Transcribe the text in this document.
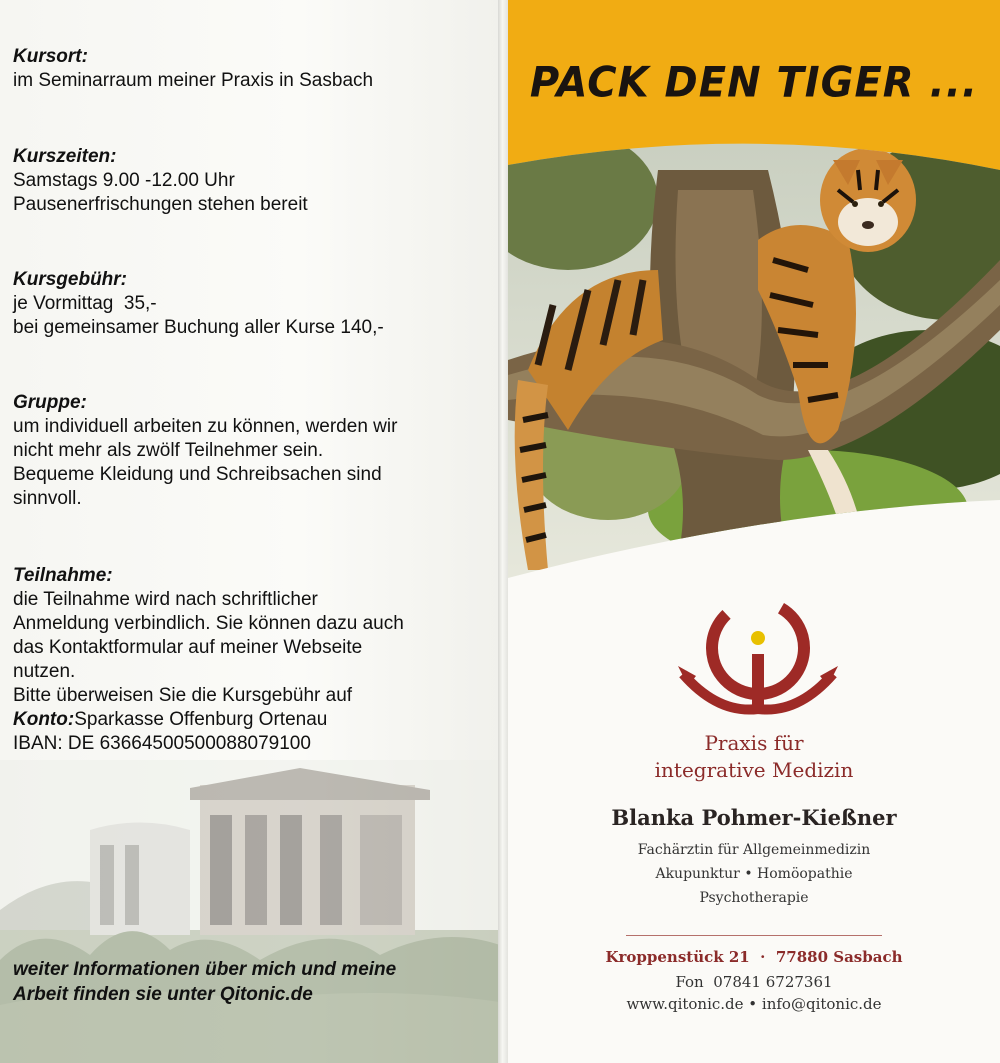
Kursort:
im Seminarraum meiner Praxis in Sasbach
Kurszeiten:
Samstags 9.00 -12.00 Uhr
Pausenerfrischungen stehen bereit
Kursgebühr:
je Vormittag  35,-
bei gemeinsamer Buchung aller Kurse 140,-
Gruppe:
um individuell arbeiten zu können, werden wir
nicht mehr als zwölf Teilnehmer sein.
Bequeme Kleidung und Schreibsachen sind
sinnvoll.
Teilnahme:
die Teilnahme wird nach schriftlicher
Anmeldung verbindlich. Sie können dazu auch
das Kontaktformular auf meiner Webseite
nutzen.
Bitte überweisen Sie die Kursgebühr auf
Konto:Sparkasse Offenburg Ortenau
IBAN: DE 63664500500088079100
weiter Informationen über mich und meine
Arbeit finden sie unter Qitonic.de
PACK DEN TIGER ...
Praxis für
integrative Medizin
Blanka Pohmer-Kießner
Fachärztin für Allgemeinmedizin
Akupunktur • Homöopathie
Psychotherapie
Kroppenstück 21  ·  77880 Sasbach
Fon  07841 6727361
www.qitonic.de • info@qitonic.de
